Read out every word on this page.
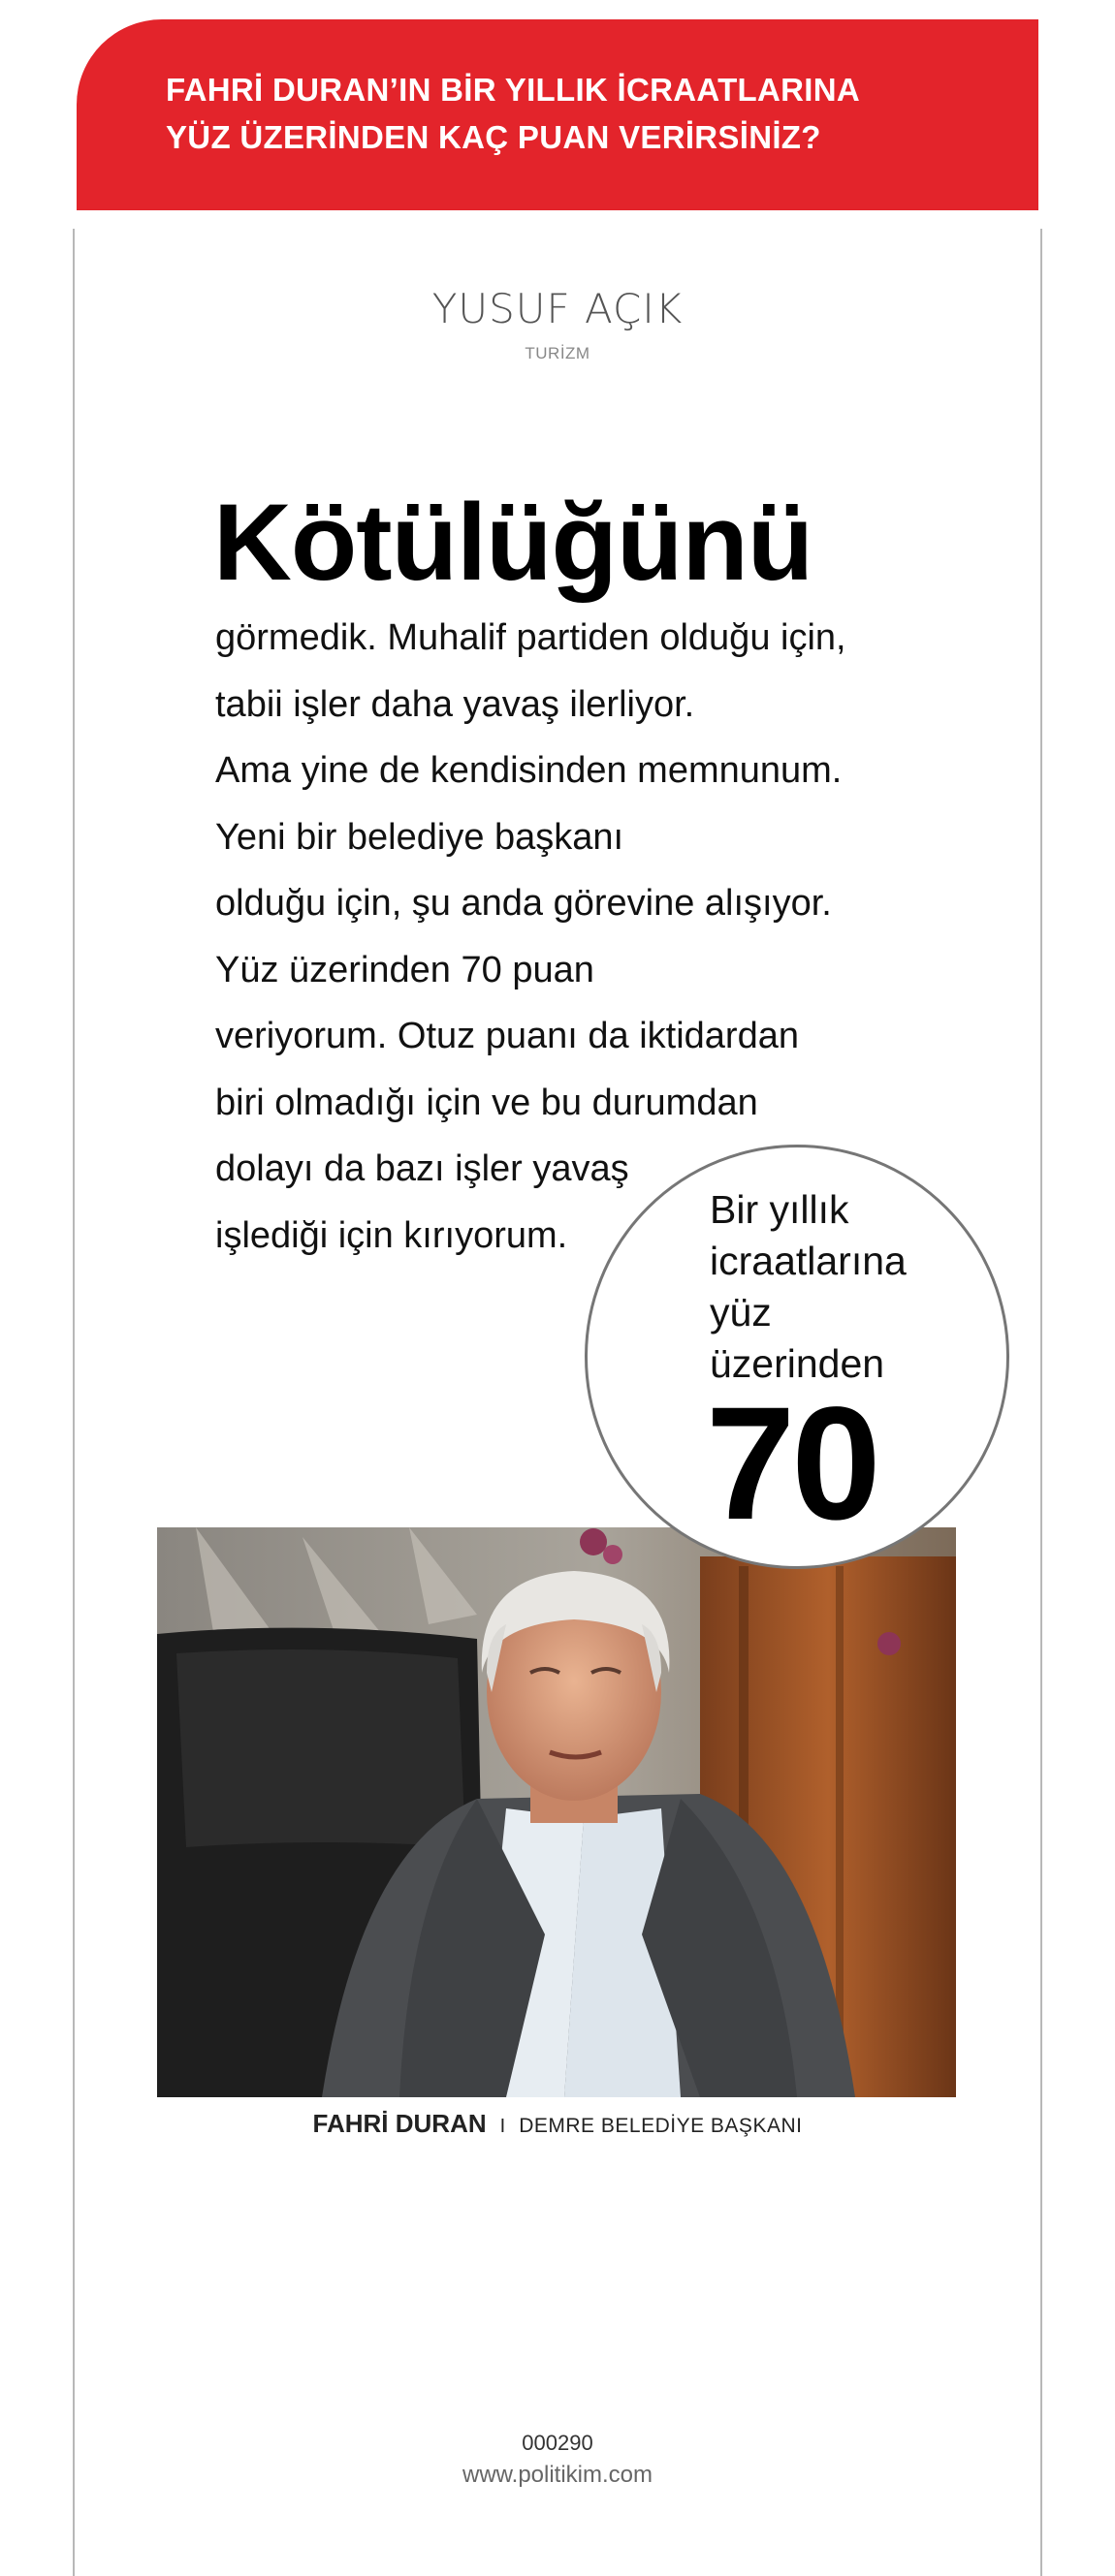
FAHRİ DURAN’IN BİR YILLIK İCRAATLARINA
YÜZ ÜZERİNDEN KAÇ PUAN VERİRSİNİZ?
YUSUF AÇIK
TURİZM
Kötülüğünü
görmedik. Muhalif partiden olduğu için,
tabii işler daha yavaş ilerliyor.
Ama yine de kendisinden memnunum.
Yeni bir belediye başkanı
olduğu için, şu anda görevine alışıyor.
Yüz üzerinden 70 puan
veriyorum. Otuz puanı da iktidardan
biri olmadığı için ve bu durumdan
dolayı da bazı işler yavaş
işlediği için kırıyorum.
Bir yıllık
icraatlarına
yüz
üzerinden
70
FAHRİ DURAN I DEMRE BELEDİYE BAŞKANI
000290
www.politikim.com
